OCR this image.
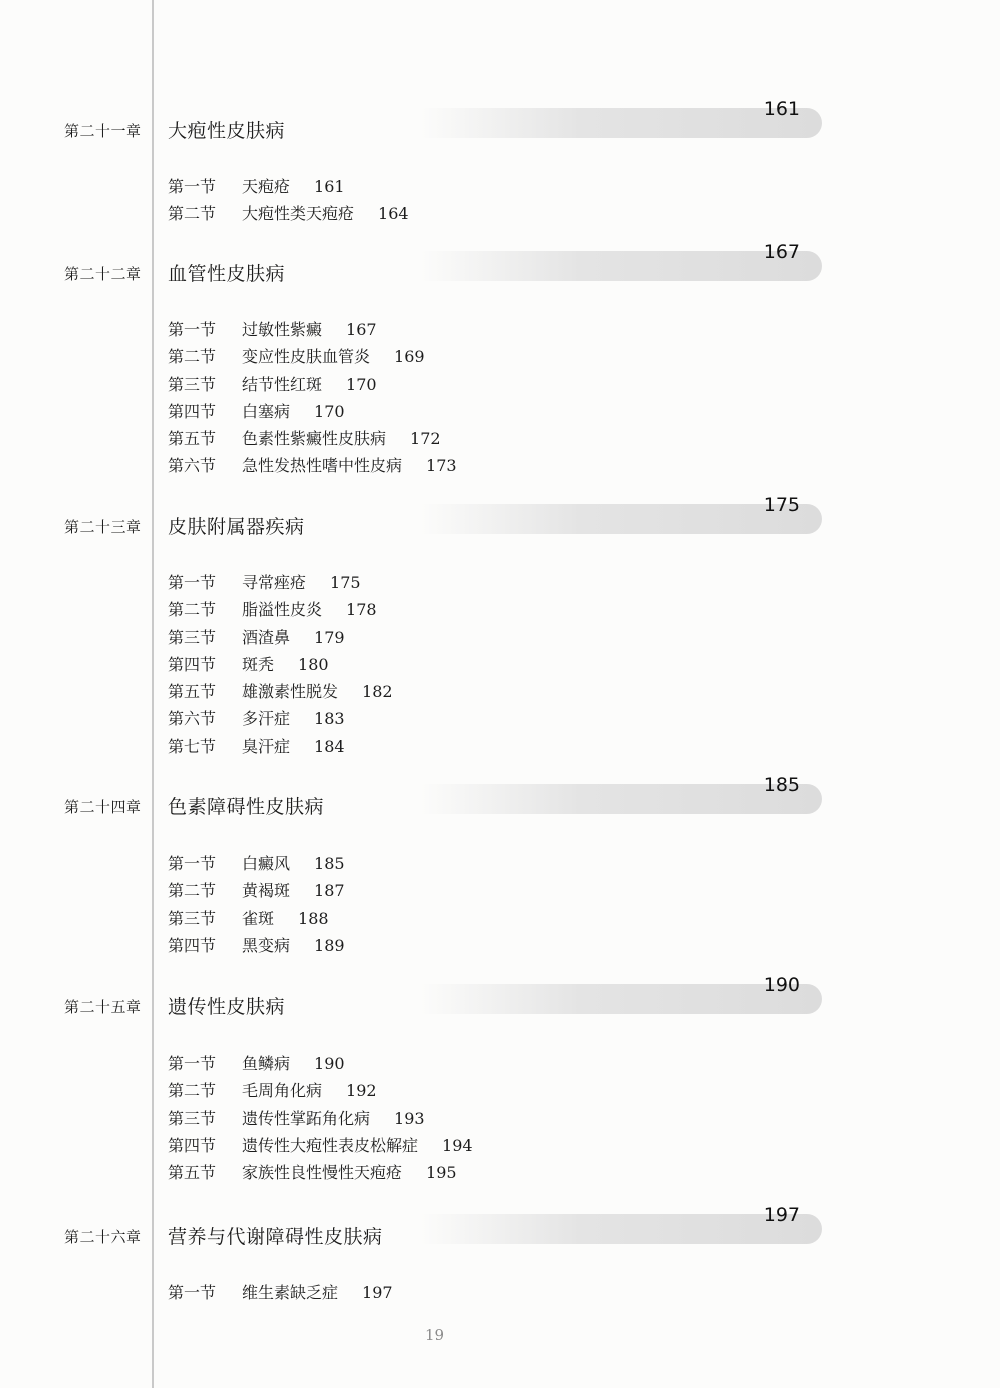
第二十一章 大疱性皮肤病
161
第一节 天疱疮 161
第二节 大疱性类天疱疮 164
第二十二章 血管性皮肤病
167
第一节 过敏性紫癜 167
第二节 变应性皮肤血管炎 169
第三节 结节性红斑 170
第四节 白塞病 170
第五节 色素性紫癜性皮肤病 172
第六节 急性发热性嗜中性皮病 173
第二十三章 皮肤附属器疾病
175
第一节 寻常痤疮 175
第二节 脂溢性皮炎 178
第三节 酒渣鼻 179
第四节 斑秃 180
第五节 雄激素性脱发 182
第六节 多汗症 183
第七节 臭汗症 184
第二十四章 色素障碍性皮肤病
185
第一节 白癜风 185
第二节 黄褐斑 187
第三节 雀斑 188
第四节 黑变病 189
第二十五章 遗传性皮肤病
190
第一节 鱼鳞病 190
第二节 毛周角化病 192
第三节 遗传性掌跖角化病 193
第四节 遗传性大疱性表皮松解症 194
第五节 家族性良性慢性天疱疮 195
第二十六章 营养与代谢障碍性皮肤病
197
第一节 维生素缺乏症 197
19
